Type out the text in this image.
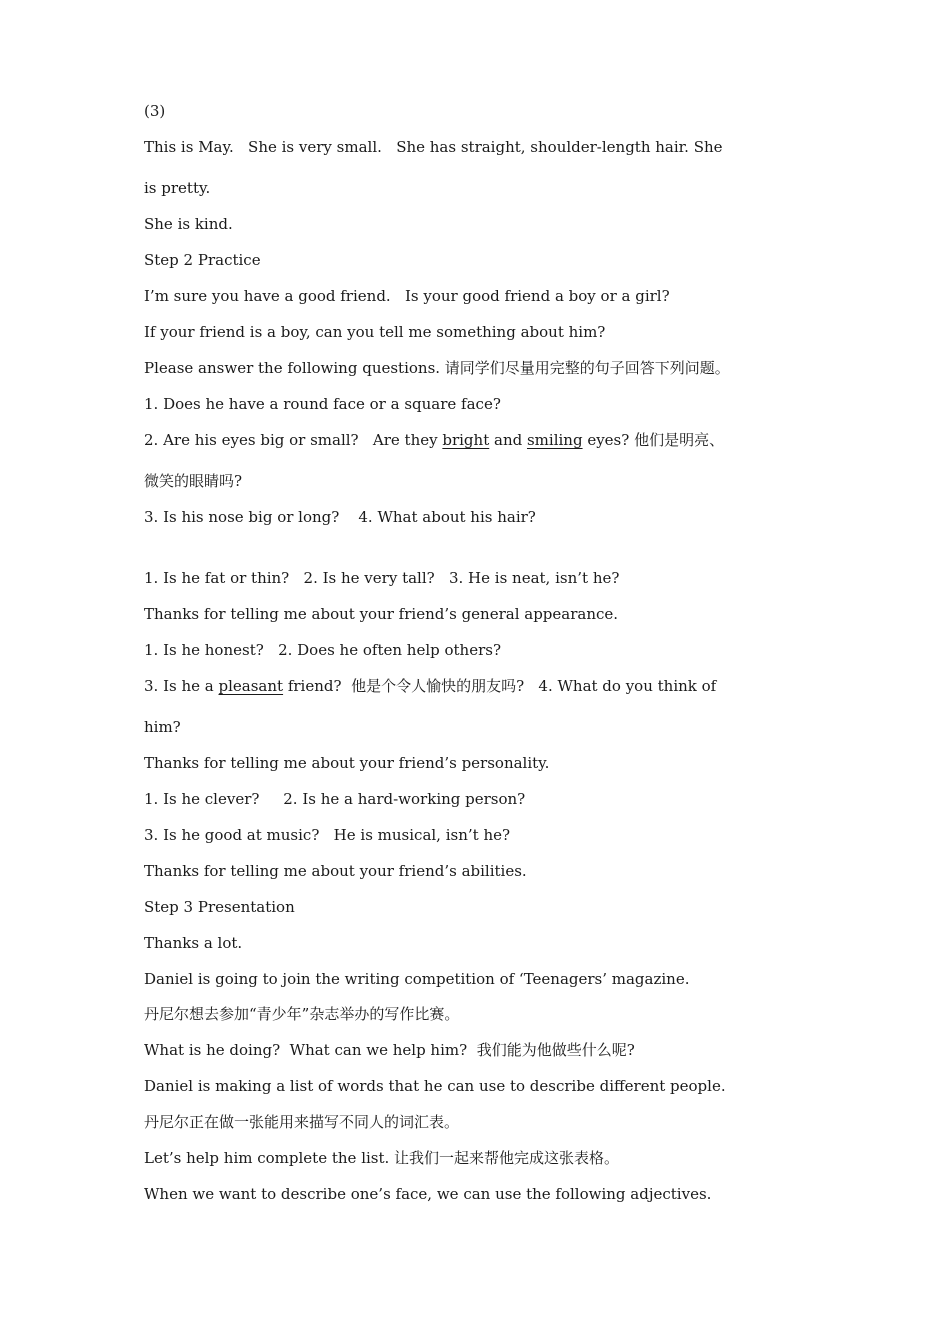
(3)
This is May.   She is very small.   She has straight, shoulder-length hair. She
is pretty.
She is kind.
Step 2 Practice
I’m sure you have a good friend.   Is your good friend a boy or a girl?
If your friend is a boy, can you tell me something about him?
Please answer the following questions. 请同学们尽量用完整的句子回答下列问题。
1. Does he have a round face or a square face?
2. Are his eyes big or small?   Are they bright and smiling eyes? 他们是明亮、
微笑的眼睛吗?
3. Is his nose big or long?    4. What about his hair?
1. Is he fat or thin?   2. Is he very tall?   3. He is neat, isn’t he?
Thanks for telling me about your friend’s general appearance.
1. Is he honest?   2. Does he often help others?
3. Is he a pleasant friend?  他是个令人愉快的朋友吗?   4. What do you think of
him?
Thanks for telling me about your friend’s personality.
1. Is he clever?     2. Is he a hard-working person?
3. Is he good at music?   He is musical, isn’t he?
Thanks for telling me about your friend’s abilities.
Step 3 Presentation
Thanks a lot.
Daniel is going to join the writing competition of ‘Teenagers’ magazine.
丹尼尔想去参加“青少年”杂志举办的写作比赛。
What is he doing?  What can we help him?  我们能为他做些什么呢?
Daniel is making a list of words that he can use to describe different people.
丹尼尔正在做一张能用来描写不同人的词汇表。
Let’s help him complete the list. 让我们一起来帮他完成这张表格。
When we want to describe one’s face, we can use the following adjectives.
